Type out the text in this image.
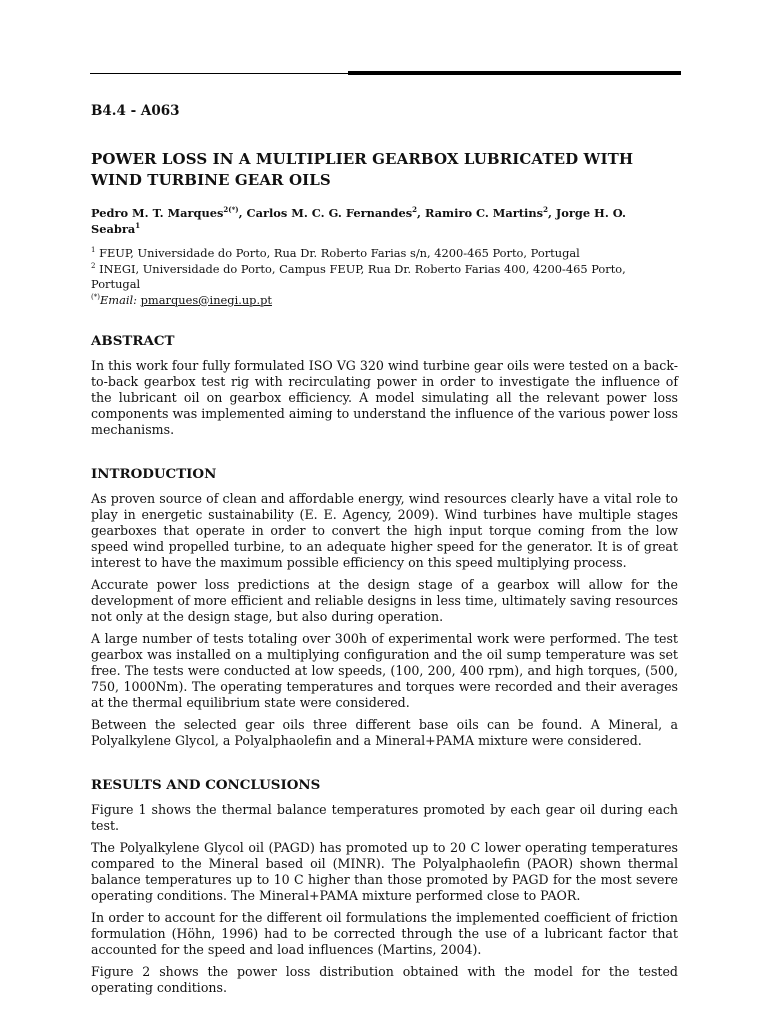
B4.4 - A063
POWER LOSS IN A MULTIPLIER GEARBOX LUBRICATED WITH WIND TURBINE GEAR OILS
Pedro M. T. Marques$^{2(*)}$, Carlos M. C. G. Fernandes$^2$, Ramiro C. Martins$^2$, Jorge H. O. Seabra$^1$
$^1$ FEUP, Universidade do Porto, Rua Dr. Roberto Farias s/n, 4200-465 Porto, Portugal
$^2$ INEGI, Universidade do Porto, Campus FEUP, Rua Dr. Roberto Farias 400, 4200-465 Porto, Portugal
(*)Email: pmarques@inegi.up.pt
ABSTRACT

In this work four fully formulated ISO VG 320 wind turbine gear oils were tested on a back-to-back gearbox test rig with recirculating power in order to investigate the influence of the lubricant oil on gearbox efficiency. A model simulating all the relevant power loss components was implemented aiming to understand the influence of the various power loss mechanisms.

INTRODUCTION

As proven source of clean and affordable energy, wind resources clearly have a vital role to play in energetic sustainability (E. E. Agency, 2009). Wind turbines have multiple stages gearboxes that operate in order to convert the high input torque coming from the low speed wind propelled turbine, to an adequate higher speed for the generator. It is of great interest to have the maximum possible efficiency on this speed multiplying process.

Accurate power loss predictions at the design stage of a gearbox will allow for the development of more efficient and reliable designs in less time, ultimately saving resources not only at the design stage, but also during operation.

A large number of tests totaling over 300h of experimental work were performed. The test gearbox was installed on a multiplying configuration and the oil sump temperature was set free. The tests were conducted at low speeds, (100, 200, 400 rpm), and high torques, (500, 750, 1000Nm). The operating temperatures and torques were recorded and their averages at the thermal equilibrium state were considered.

Between the selected gear oils three different base oils can be found. A Mineral, a Polyalkylene Glycol, a Polyalphaolefin and a Mineral+PAMA mixture were considered.

RESULTS AND CONCLUSIONS

Figure 1 shows the thermal balance temperatures promoted by each gear oil during each test.

The Polyalkylene Glycol oil (PAGD) has promoted up to 20 C lower operating temperatures compared to the Mineral based oil (MINR). The Polyalphaolefin (PAOR) shown thermal balance temperatures up to 10 C higher than those promoted by PAGD for the most severe operating conditions. The Mineral+PAMA mixture performed close to PAOR.

In order to account for the different oil formulations the implemented coefficient of friction formulation (Höhn, 1996) had to be corrected through the use of a lubricant factor that accounted for the speed and load influences (Martins, 2004).

Figure 2 shows the power loss distribution obtained with the model for the tested operating conditions.
